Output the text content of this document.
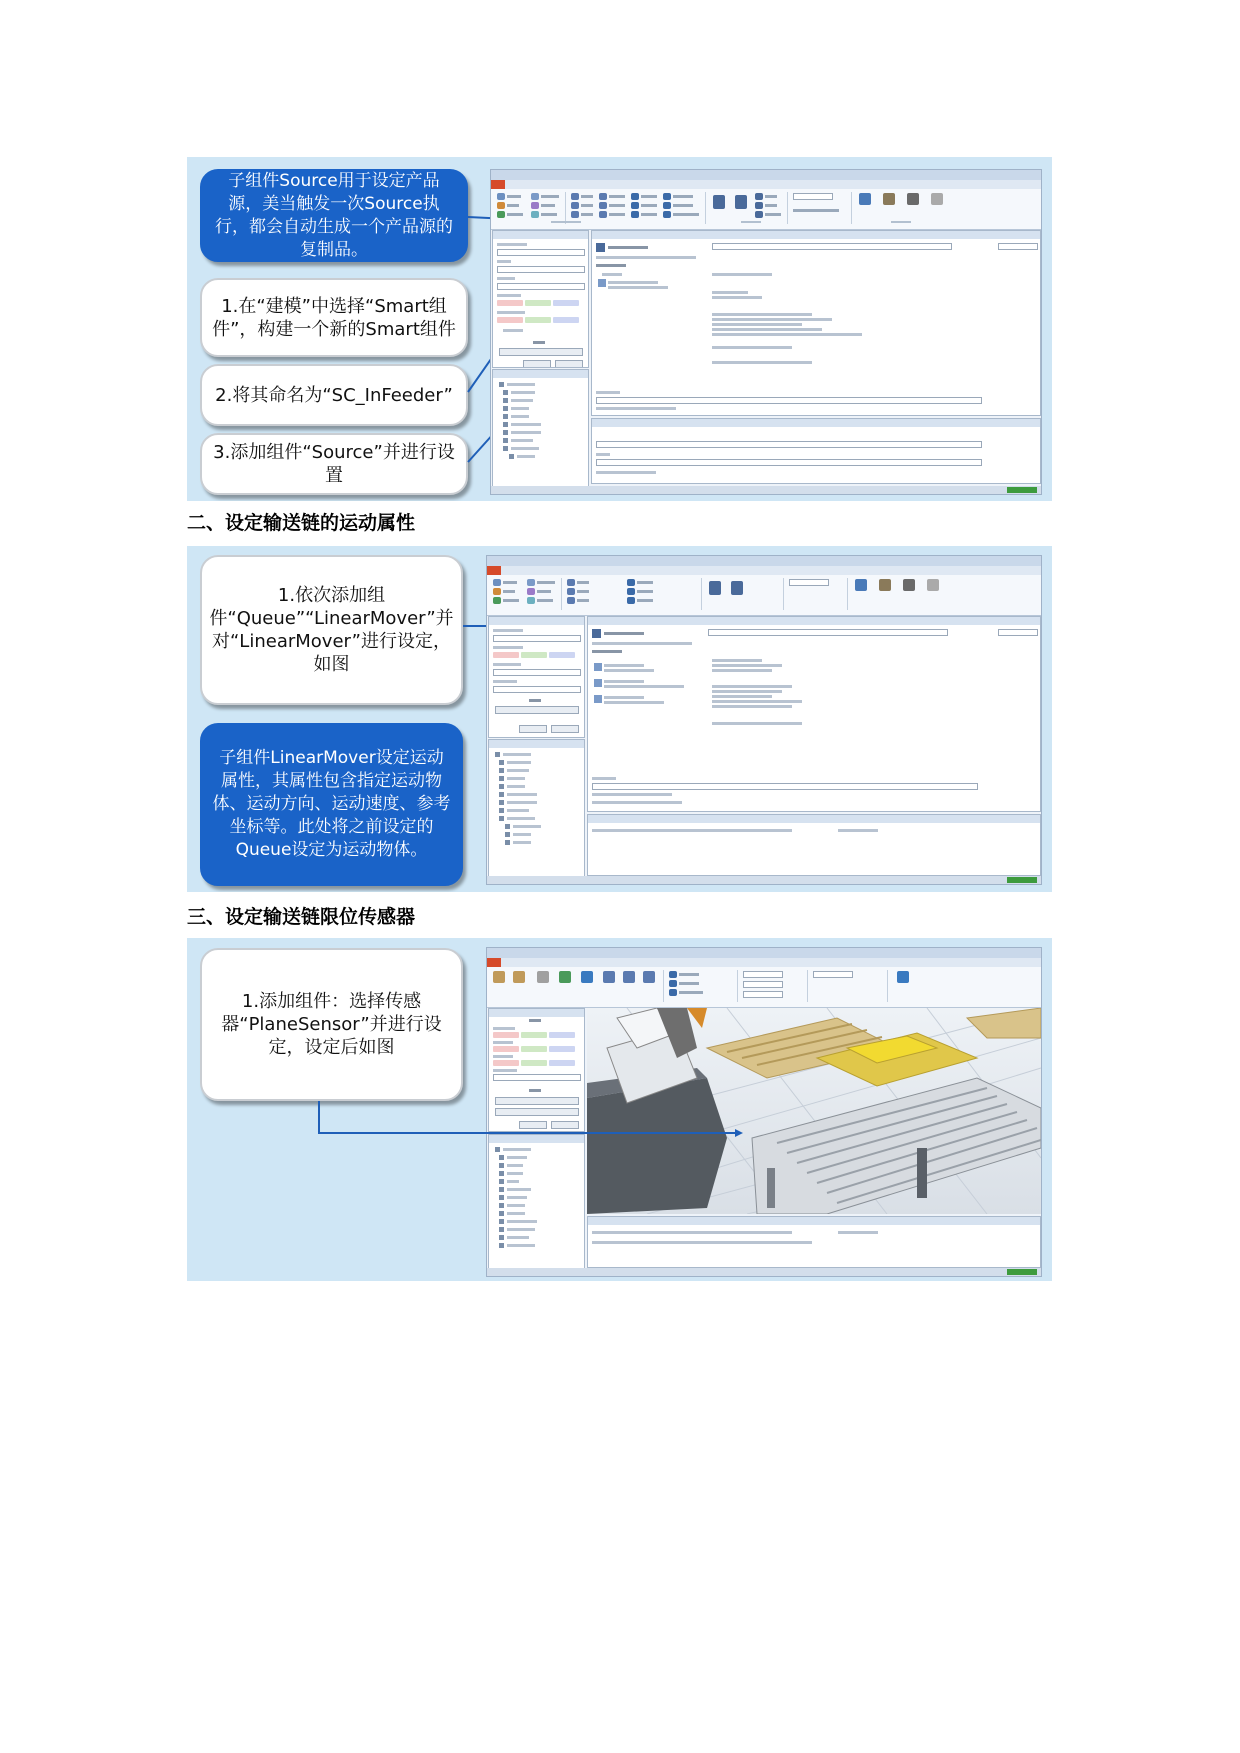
子组件Source用于设定产品源，美当触发一次Source执行，都会自动生成一个产品源的复制品。
1.在“建模”中选择“Smart组件”，构建一个新的Smart组件
2.将其命名为“SC_InFeeder”
3.添加组件“Source”并进行设置

二、设定输送链的运动属性
1.依次添加组件“Queue”“LinearMover”并对“LinearMover”进行设定，如图
子组件LinearMover设定运动属性，其属性包含指定运动物体、运动方向、运动速度、参考坐标等。此处将之前设定的Queue设定为运动物体。

三、设定输送链限位传感器
1.添加组件：选择传感器“PlaneSensor”并进行设定，设定后如图
